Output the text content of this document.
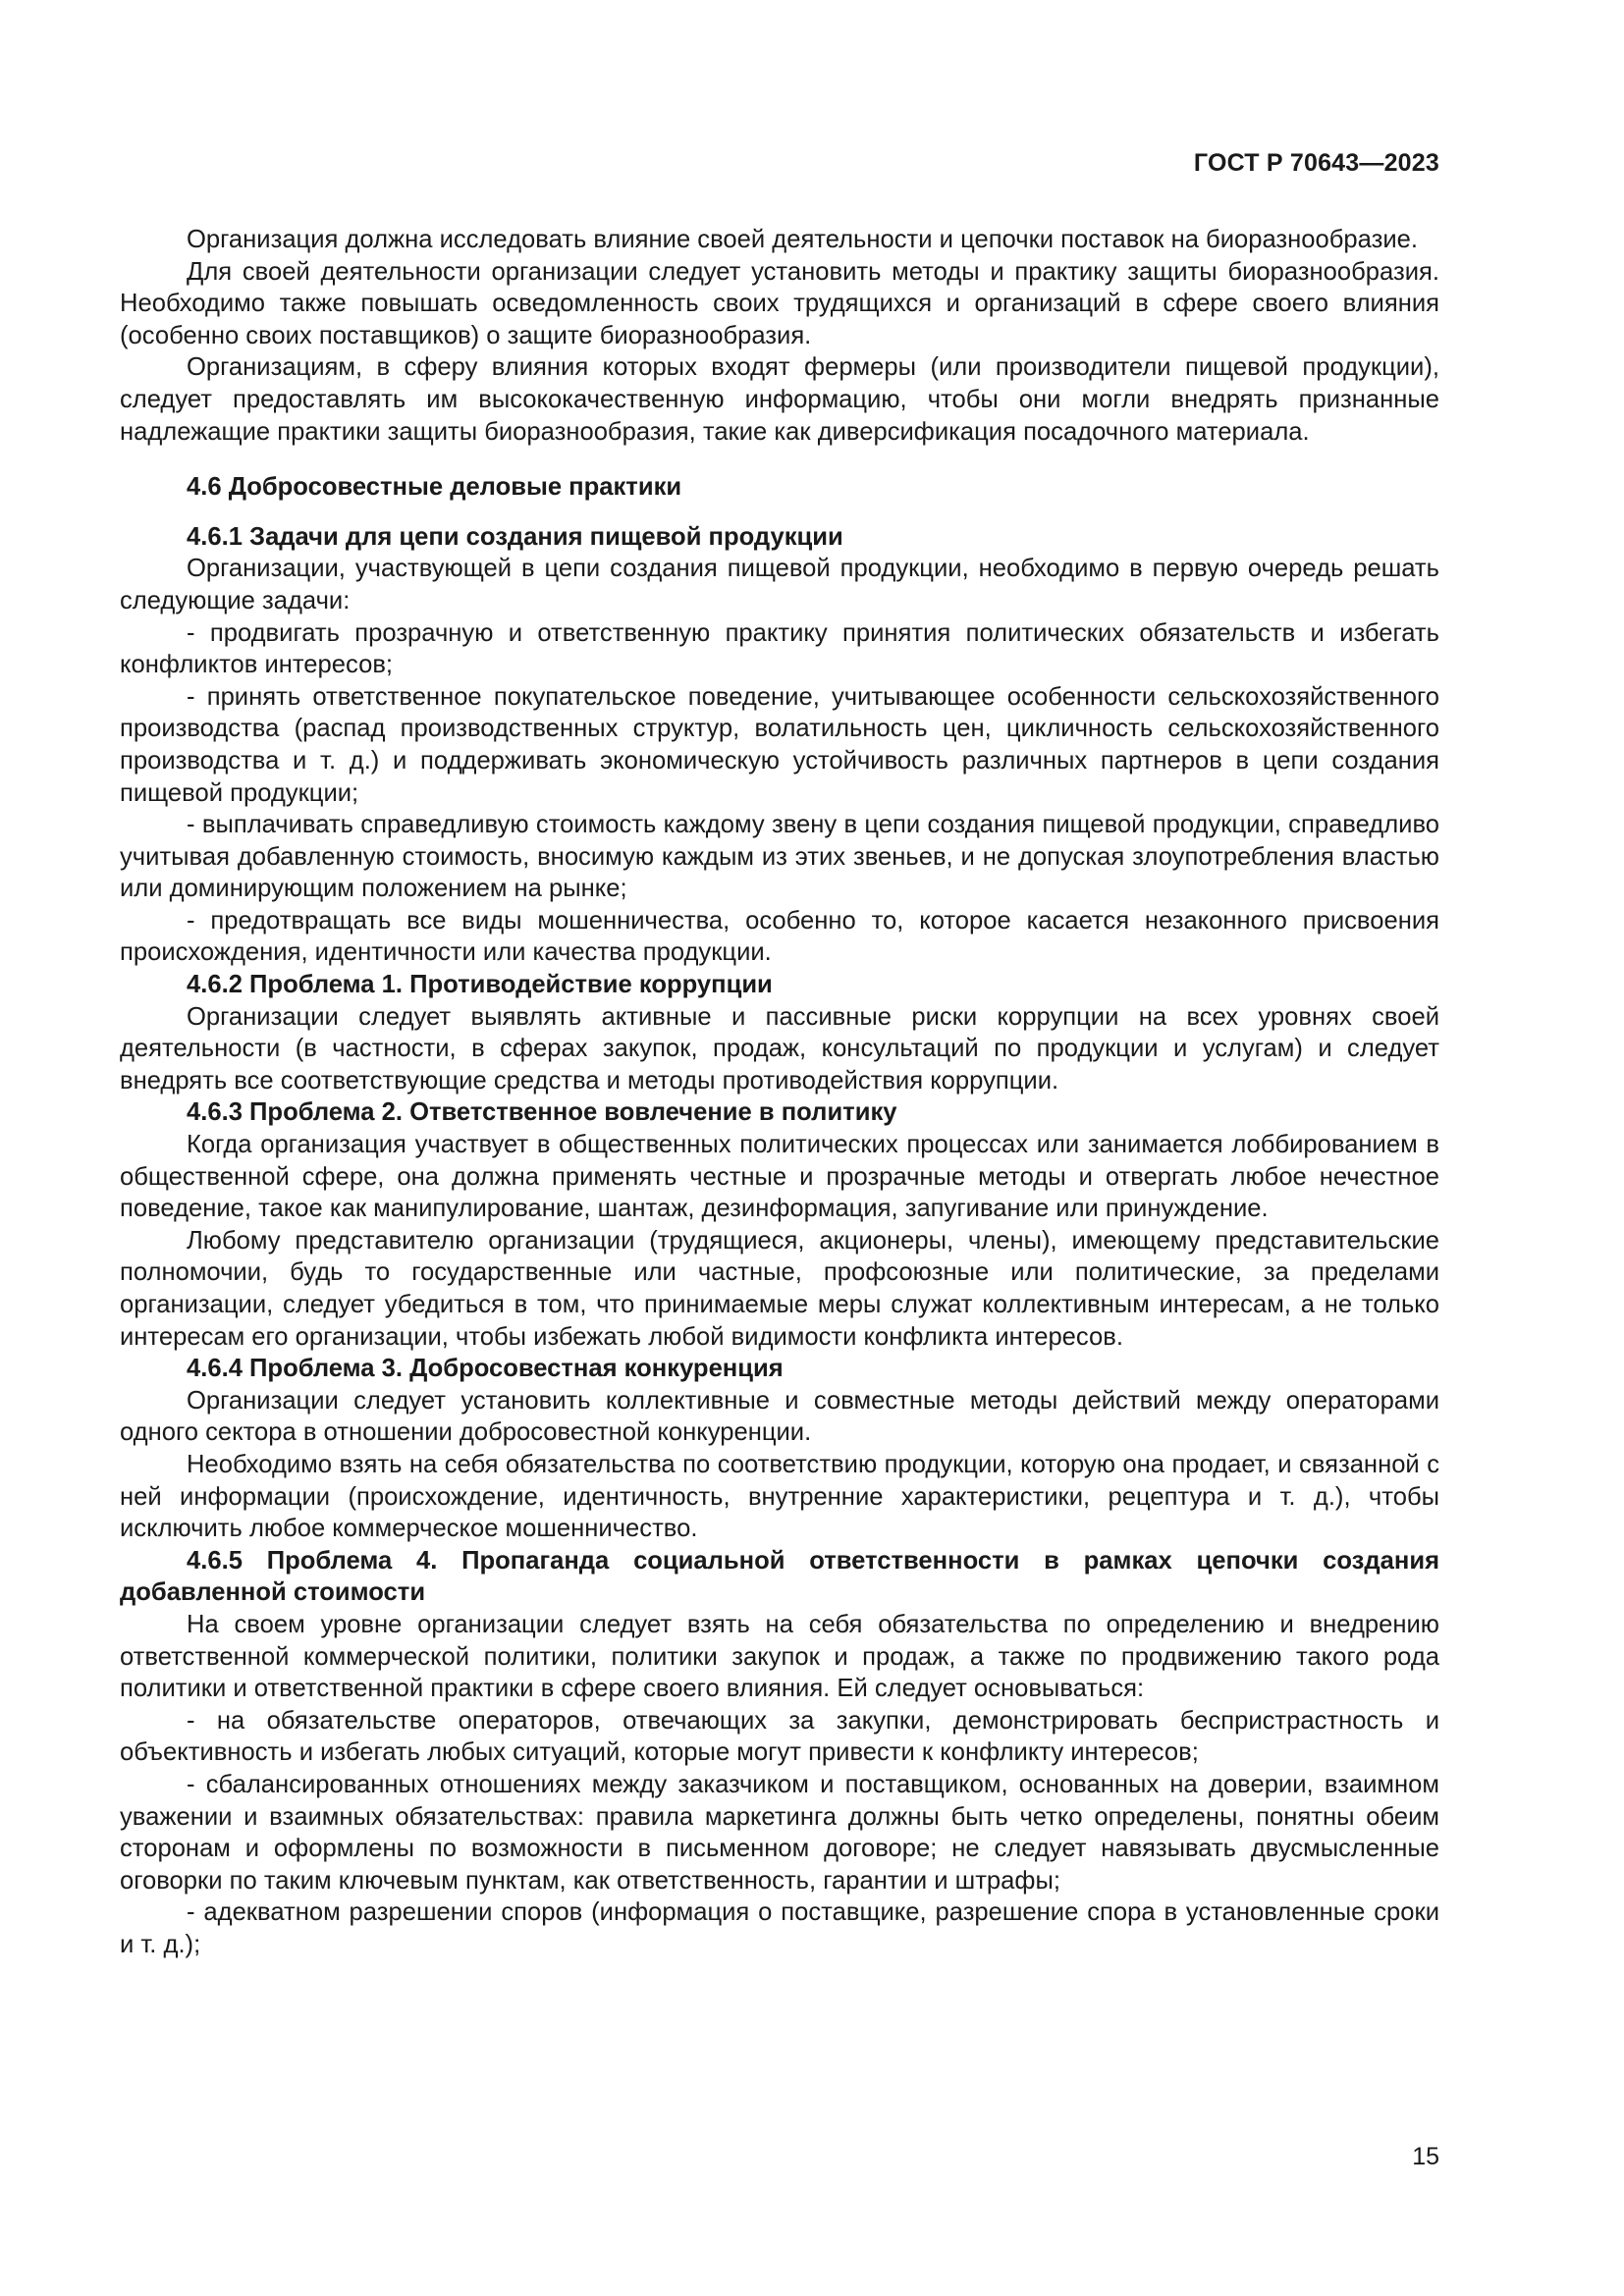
ГОСТ Р 70643—2023

Организация должна исследовать влияние своей деятельности и цепочки поставок на биоразнообразие.

Для своей деятельности организации следует установить методы и практику защиты биоразнообразия. Необходимо также повышать осведомленность своих трудящихся и организаций в сфере своего влияния (особенно своих поставщиков) о защите биоразнообразия.

Организациям, в сферу влияния которых входят фермеры (или производители пищевой продукции), следует предоставлять им высококачественную информацию, чтобы они могли внедрять признанные надлежащие практики защиты биоразнообразия, такие как диверсификация посадочного материала.

4.6 Добросовестные деловые практики

4.6.1 Задачи для цепи создания пищевой продукции

Организации, участвующей в цепи создания пищевой продукции, необходимо в первую очередь решать следующие задачи:

- продвигать прозрачную и ответственную практику принятия политических обязательств и избегать конфликтов интересов;

- принять ответственное покупательское поведение, учитывающее особенности сельскохозяйственного производства (распад производственных структур, волатильность цен, цикличность сельскохозяйственного производства и т. д.) и поддерживать экономическую устойчивость различных партнеров в цепи создания пищевой продукции;

- выплачивать справедливую стоимость каждому звену в цепи создания пищевой продукции, справедливо учитывая добавленную стоимость, вносимую каждым из этих звеньев, и не допуская злоупотребления властью или доминирующим положением на рынке;

- предотвращать все виды мошенничества, особенно то, которое касается незаконного присвоения происхождения, идентичности или качества продукции.

4.6.2 Проблема 1. Противодействие коррупции

Организации следует выявлять активные и пассивные риски коррупции на всех уровнях своей деятельности (в частности, в сферах закупок, продаж, консультаций по продукции и услугам) и следует внедрять все соответствующие средства и методы противодействия коррупции.

4.6.3 Проблема 2. Ответственное вовлечение в политику

Когда организация участвует в общественных политических процессах или занимается лоббированием в общественной сфере, она должна применять честные и прозрачные методы и отвергать любое нечестное поведение, такое как манипулирование, шантаж, дезинформация, запугивание или принуждение.

Любому представителю организации (трудящиеся, акционеры, члены), имеющему представительские полномочии, будь то государственные или частные, профсоюзные или политические, за пределами организации, следует убедиться в том, что принимаемые меры служат коллективным интересам, а не только интересам его организации, чтобы избежать любой видимости конфликта интересов.

4.6.4 Проблема 3. Добросовестная конкуренция

Организации следует установить коллективные и совместные методы действий между операторами одного сектора в отношении добросовестной конкуренции.

Необходимо взять на себя обязательства по соответствию продукции, которую она продает, и связанной с ней информации (происхождение, идентичность, внутренние характеристики, рецептура и т. д.), чтобы исключить любое коммерческое мошенничество.

4.6.5 Проблема 4. Пропаганда социальной ответственности в рамках цепочки создания добавленной стоимости

На своем уровне организации следует взять на себя обязательства по определению и внедрению ответственной коммерческой политики, политики закупок и продаж, а также по продвижению такого рода политики и ответственной практики в сфере своего влияния. Ей следует основываться:

- на обязательстве операторов, отвечающих за закупки, демонстрировать беспристрастность и объективность и избегать любых ситуаций, которые могут привести к конфликту интересов;

- сбалансированных отношениях между заказчиком и поставщиком, основанных на доверии, взаимном уважении и взаимных обязательствах: правила маркетинга должны быть четко определены, понятны обеим сторонам и оформлены по возможности в письменном договоре; не следует навязывать двусмысленные оговорки по таким ключевым пунктам, как ответственность, гарантии и штрафы;

- адекватном разрешении споров (информация о поставщике, разрешение спора в установленные сроки и т. д.);

15
